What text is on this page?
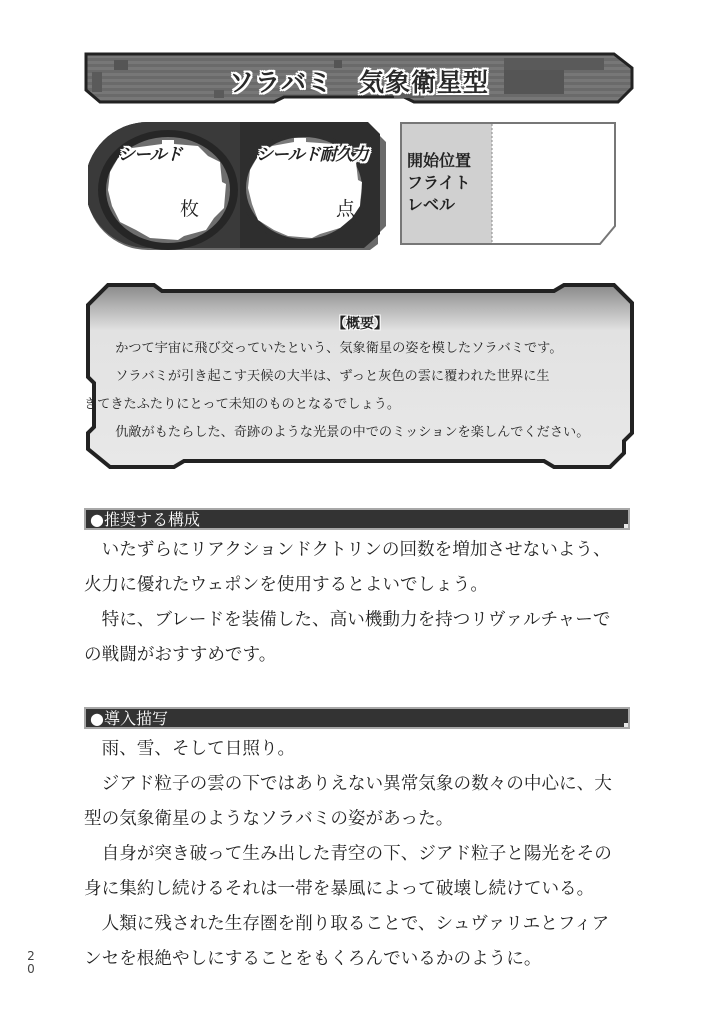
ソラバミ　気象衛星型
シールド
枚
シールド耐久力
点
開始位置
フライト
レベル
【概要】

かつて宇宙に飛び交っていたという、気象衛星の姿を模したソラバミです。

ソラバミが引き起こす天候の大半は、ずっと灰色の雲に覆われた世界に生

きてきたふたりにとって未知のものとなるでしょう。

仇敵がもたらした、奇跡のような光景の中でのミッションを楽しんでください。

●推奨する構成

いたずらにリアクションドクトリンの回数を増加させないよう、

火力に優れたウェポンを使用するとよいでしょう。

特に、ブレードを装備した、高い機動力を持つリヴァルチャーで

の戦闘がおすすめです。

●導入描写

雨、雪、そして日照り。

ジアド粒子の雲の下ではありえない異常気象の数々の中心に、大

型の気象衛星のようなソラバミの姿があった。

自身が突き破って生み出した青空の下、ジアド粒子と陽光をその

身に集約し続けるそれは一帯を暴風によって破壊し続けている。

人類に残された生存圏を削り取ることで、シュヴァリエとフィア

ンセを根絶やしにすることをもくろんでいるかのように。

2
0
